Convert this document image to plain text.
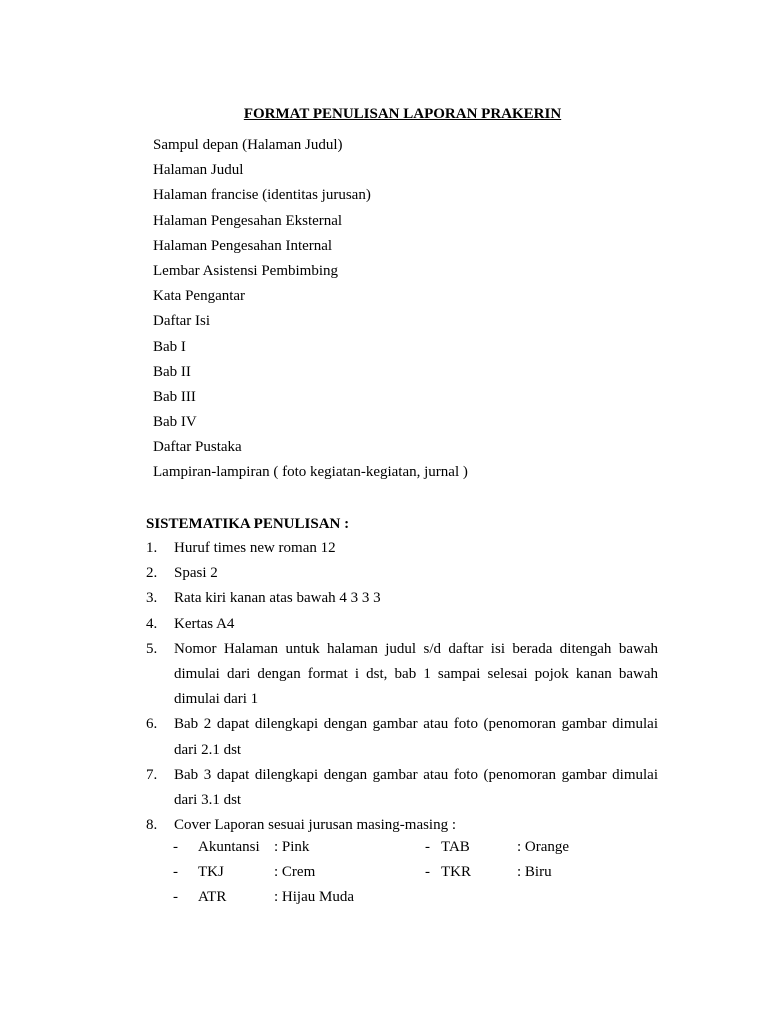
FORMAT PENULISAN LAPORAN PRAKERIN
Sampul depan (Halaman Judul)
Halaman Judul
Halaman francise (identitas jurusan)
Halaman Pengesahan Eksternal
Halaman Pengesahan Internal
Lembar Asistensi Pembimbing
Kata Pengantar
Daftar Isi
Bab I
Bab II
Bab III
Bab IV
Daftar Pustaka
Lampiran-lampiran ( foto kegiatan-kegiatan, jurnal )
SISTEMATIKA PENULISAN :
1.	Huruf times new roman 12
2.	Spasi 2
3.	Rata kiri kanan atas bawah 4 3 3 3
4.	Kertas A4
5.	Nomor Halaman untuk halaman judul s/d daftar isi berada ditengah bawah dimulai dari dengan format i dst, bab 1 sampai selesai pojok kanan bawah dimulai dari 1
6.	Bab 2 dapat dilengkapi dengan gambar atau foto (penomoran gambar dimulai dari 2.1 dst
7.	Bab 3 dapat dilengkapi dengan gambar atau foto (penomoran gambar dimulai dari 3.1 dst
8.	Cover Laporan sesuai jurusan masing-masing :
- Akuntansi : Pink	- TAB	: Orange
- TKJ	: Crem	- TKR	: Biru
- ATR	: Hijau Muda
